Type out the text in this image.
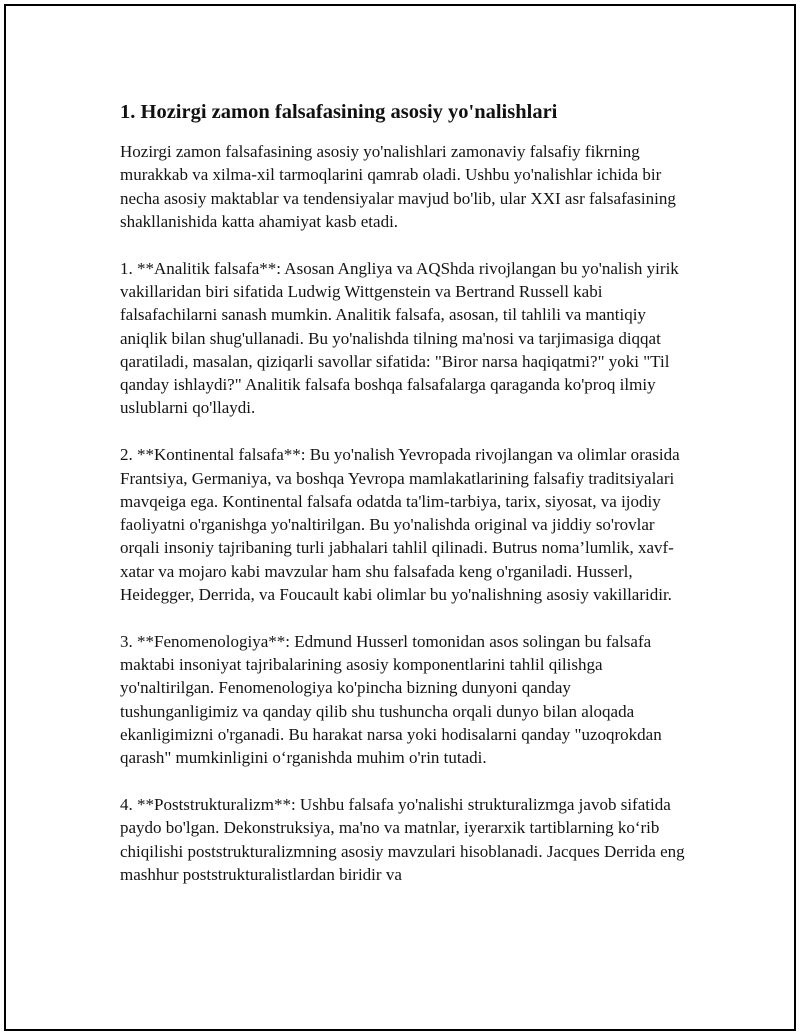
1. Hozirgi zamon falsafasining asosiy yo'nalishlari

Hozirgi zamon falsafasining asosiy yo'nalishlari zamonaviy falsafiy fikrning murakkab va xilma-xil tarmoqlarini qamrab oladi. Ushbu yo'nalishlar ichida bir necha asosiy maktablar va tendensiyalar mavjud bo'lib, ular XXI asr falsafasining shakllanishida katta ahamiyat kasb etadi.

1. **Analitik falsafa**: Asosan Angliya va AQShda rivojlangan bu yo'nalish yirik vakillaridan biri sifatida Ludwig Wittgenstein va Bertrand Russell kabi falsafachilarni sanash mumkin. Analitik falsafa, asosan, til tahlili va mantiqiy aniqlik bilan shug'ullanadi. Bu yo'nalishda tilning ma'nosi va tarjimasiga diqqat qaratiladi, masalan, qiziqarli savollar sifatida: "Biror narsa haqiqatmi?" yoki "Til qanday ishlaydi?" Analitik falsafa boshqa falsafalarga qaraganda ko'proq ilmiy uslublarni qo'llaydi.

2. **Kontinental falsafa**: Bu yo'nalish Yevropada rivojlangan va olimlar orasida Frantsiya, Germaniya, va boshqa Yevropa mamlakatlarining falsafiy traditsiyalari mavqeiga ega. Kontinental falsafa odatda ta'lim-tarbiya, tarix, siyosat, va ijodiy faoliyatni o'rganishga yo'naltirilgan. Bu yo'nalishda original va jiddiy so'rovlar orqali insoniy tajribaning turli jabhalari tahlil qilinadi. Butrus noma’lumlik, xavf-xatar va mojaro kabi mavzular ham shu falsafada keng o'rganiladi. Husserl, Heidegger, Derrida, va Foucault kabi olimlar bu yo'nalishning asosiy vakillaridir.

3. **Fenomenologiya**: Edmund Husserl tomonidan asos solingan bu falsafa maktabi insoniyat tajribalarining asosiy komponentlarini tahlil qilishga yo'naltirilgan. Fenomenologiya ko'pincha bizning dunyoni qanday tushunganligimiz va qanday qilib shu tushuncha orqali dunyo bilan aloqada ekanligimizni o'rganadi. Bu harakat narsa yoki hodisalarni qanday "uzoqrokdan qarash" mumkinligini o‘rganishda muhim o'rin tutadi.

4. **Poststrukturalizm**: Ushbu falsafa yo'nalishi strukturalizmga javob sifatida paydo bo'lgan. Dekonstruksiya, ma'no va matnlar, iyerarxik tartiblarning ko‘rib chiqilishi poststrukturalizmning asosiy mavzulari hisoblanadi. Jacques Derrida eng mashhur poststrukturalistlardan biridir va
